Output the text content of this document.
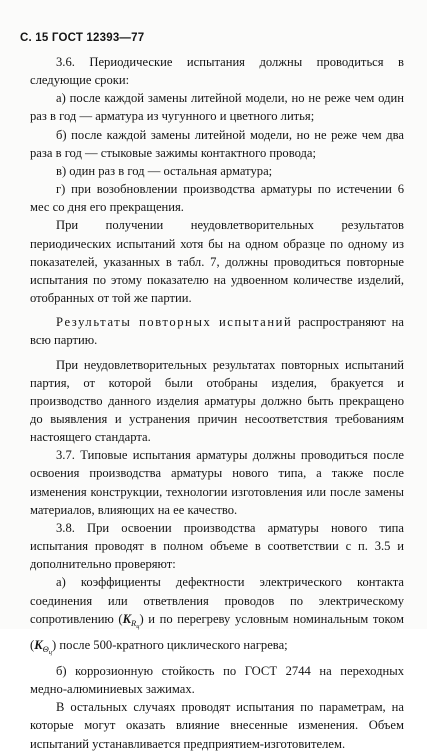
С. 15 ГОСТ 12393—77

3.6. Периодические испытания должны проводиться в следующие сроки:

а) после каждой замены литейной модели, но не реже чем один раз в год — арматура из чугунного и цветного литья;

б) после каждой замены литейной модели, но не реже чем два раза в год — стыковые зажимы контактного провода;

в) один раз в год — остальная арматура;

г) при возобновлении производства арматуры по истечении 6 мес со дня его прекращения.

При получении неудовлетворительных результатов периодических испытаний хотя бы на одном образце по одному из показателей, указанных в табл. 7, должны проводиться повторные испытания по этому показателю на удвоенном количестве изделий, отобранных от той же партии.

Результаты повторных испытаний распространяют на всю партию.

При неудовлетворительных результатах повторных испытаний партия, от которой были отобраны изделия, бракуется и производство данного изделия арматуры должно быть прекращено до выявления и устранения причин несоответствия требованиям настоящего стандарта.

3.7. Типовые испытания арматуры должны проводиться после освоения производства арматуры нового типа, а также после изменения конструкции, технологии изготовления или после замены материалов, влияющих на ее качество.

3.8. При освоении производства арматуры нового типа испытания проводят в полном объеме в соответствии с п. 3.5 и дополнительно проверяют:

а) коэффициенты дефектности электрического контакта соединения или ответвления проводов по электрическому сопротивлению $(K_{Rц})$ и по перегреву условным номинальным током $(K_{\Theta ц})$ после 500-кратного циклического нагрева;

б) коррозионную стойкость по ГОСТ 2744 на переходных медно-алюминиевых зажимах.

В остальных случаях проводят испытания по параметрам, на которые могут оказать влияние внесенные изменения. Объем испытаний устанавливается предприятием-изготовителем.
